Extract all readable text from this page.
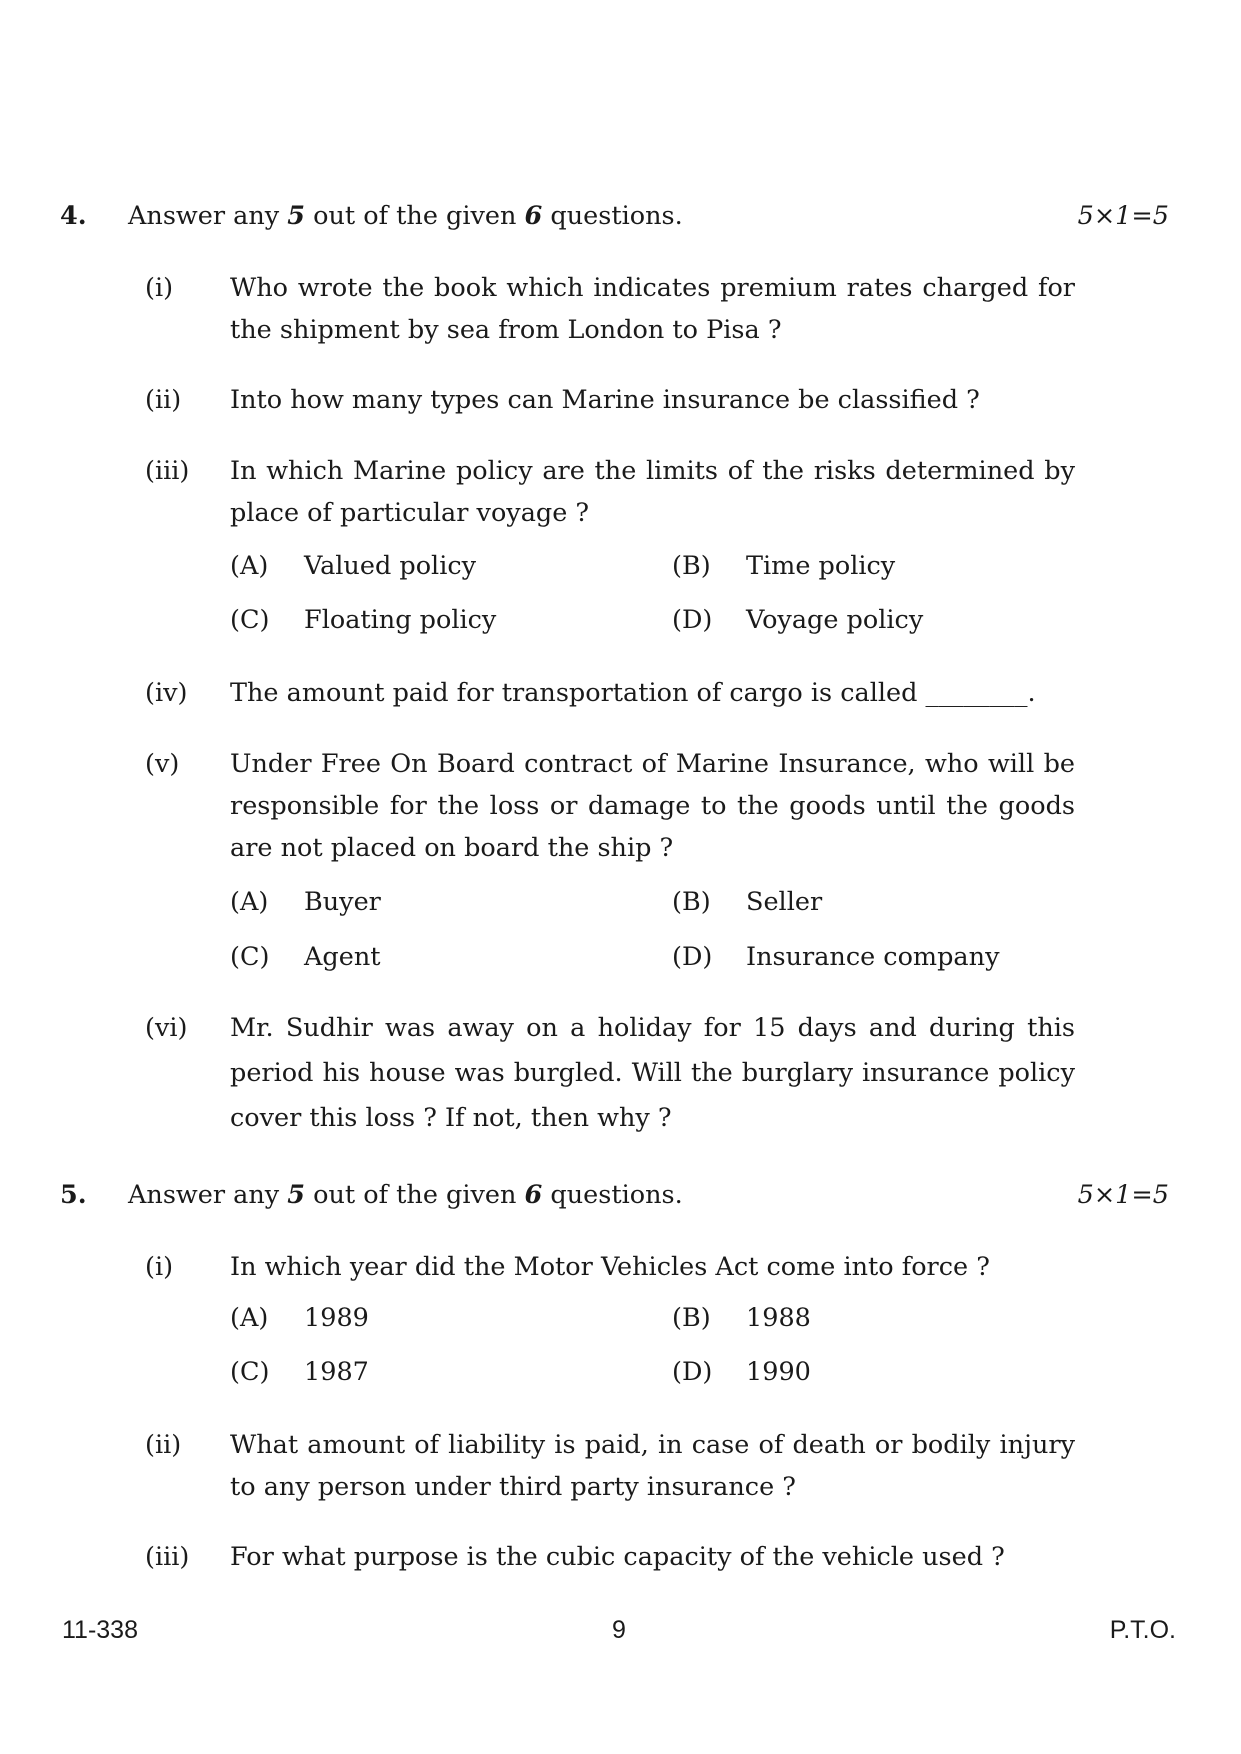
4. Answer any 5 out of the given 6 questions.	5×1=5
(i) Who wrote the book which indicates premium rates charged for the shipment by sea from London to Pisa ?
(ii) Into how many types can Marine insurance be classified ?
(iii) In which Marine policy are the limits of the risks determined by place of particular voyage ?
(A) Valued policy	(B) Time policy
(C) Floating policy	(D) Voyage policy
(iv) The amount paid for transportation of cargo is called ________.
(v) Under Free On Board contract of Marine Insurance, who will be responsible for the loss or damage to the goods until the goods are not placed on board the ship ?
(A) Buyer	(B) Seller
(C) Agent	(D) Insurance company
(vi) Mr. Sudhir was away on a holiday for 15 days and during this period his house was burgled. Will the burglary insurance policy cover this loss ? If not, then why ?
5. Answer any 5 out of the given 6 questions.	5×1=5
(i) In which year did the Motor Vehicles Act come into force ?
(A) 1989	(B) 1988
(C) 1987	(D) 1990
(ii) What amount of liability is paid, in case of death or bodily injury to any person under third party insurance ?
(iii) For what purpose is the cubic capacity of the vehicle used ?
11-338	9	P.T.O.
